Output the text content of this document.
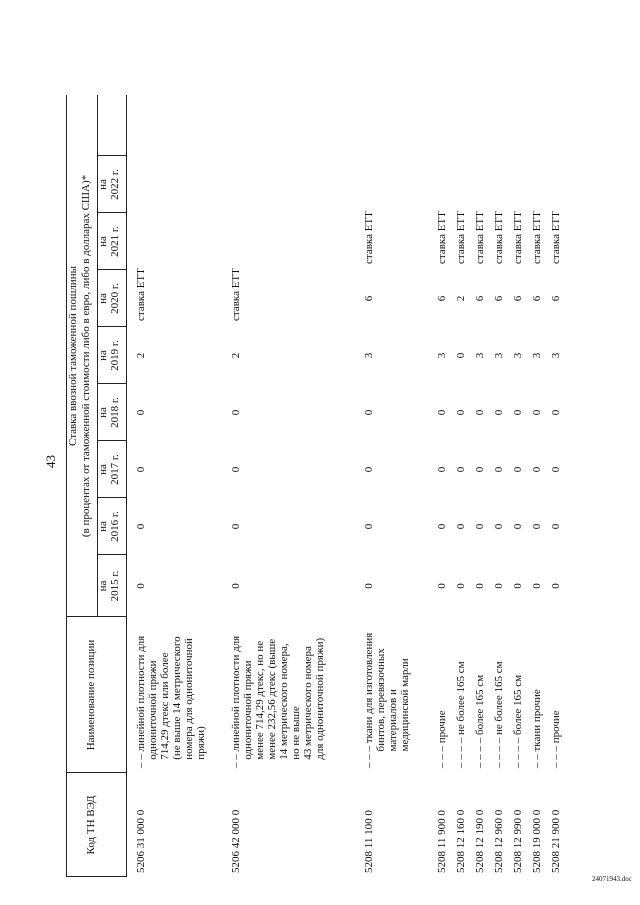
Код ТН ВЭД
Наименование позиции
Ставка ввозной таможенной пошлины (в процентах от таможенной стоимости либо в евро, либо в долларах США)*
на
2015 г.
на
2016 г.
на
2017 г.
на
2018 г.
на
2019 г.
на
2020 г.
на
2021 г.
на
2022 г.
5206 31 000 0
– – линейной плотности для
однониточной пряжи
714,29 дтекс или более
(не выше 14 метрического
номера для однониточной
пряжи)
0
0
0
0
2
ставка ЕТТ
5206 42 000 0
– – линейной плотности для
однониточной пряжи
менее 714,29 дтекс, но не
менее 232,56 дтекс (выше
14 метрического номера,
но не выше
43 метрического номера
для однониточной пряжи)
0
0
0
0
2
ставка ЕТТ
5208 11 100 0
– – – ткани для изготовления
бинтов, перевязочных
материалов и
медицинской марли
0
0
0
0
3
6
ставка ЕТТ
5208 11 900 0
– – – прочие
0
0
0
0
3
6
ставка ЕТТ
5208 12 160 0
– – – – не более 165 см
0
0
0
0
0
2
ставка ЕТТ
5208 12 190 0
– – – – более 165 см
0
0
0
0
3
6
ставка ЕТТ
5208 12 960 0
– – – – не более 165 см
0
0
0
0
3
6
ставка ЕТТ
5208 12 990 0
– – – – более 165 см
0
0
0
0
3
6
ставка ЕТТ
5208 19 000 0
– – ткани прочие
0
0
0
0
3
6
ставка ЕТТ
5208 21 900 0
– – – прочие
0
0
0
0
3
6
ставка ЕТТ
43
24071943.doc
